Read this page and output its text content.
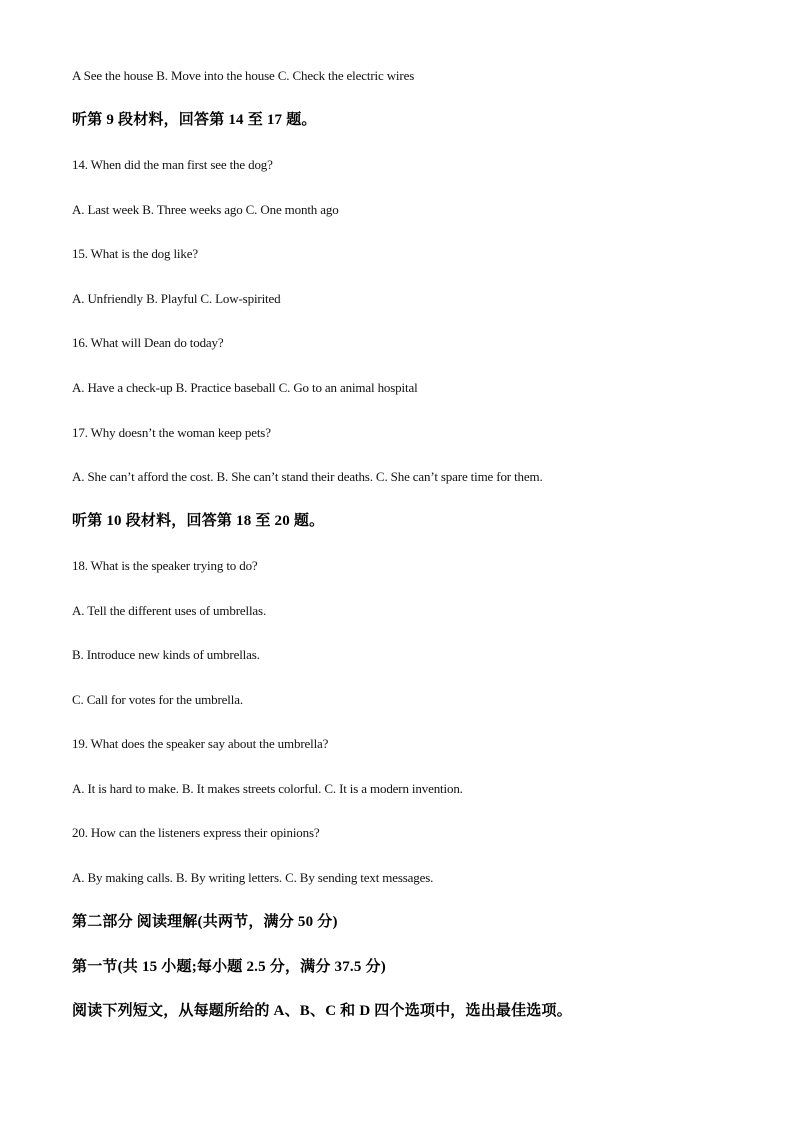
A See the house B. Move into the house C. Check the electric wires
听第 9 段材料，回答第 14 至 17 题。
14. When did the man first see the dog?
A. Last week B. Three weeks ago C. One month ago
15. What is the dog like?
A. Unfriendly B. Playful C. Low-spirited
16. What will Dean do today?
A. Have a check-up B. Practice baseball C. Go to an animal hospital
17. Why doesn’t the woman keep pets?
A. She can’t afford the cost. B. She can’t stand their deaths. C. She can’t spare time for them.
听第 10 段材料，回答第 18 至 20 题。
18. What is the speaker trying to do?
A. Tell the different uses of umbrellas.
B. Introduce new kinds of umbrellas.
C. Call for votes for the umbrella.
19. What does the speaker say about the umbrella?
A. It is hard to make. B. It makes streets colorful. C. It is a modern invention.
20. How can the listeners express their opinions?
A. By making calls. B. By writing letters. C. By sending text messages.
第二部分 阅读理解(共两节，满分 50 分)
第一节(共 15 小题;每小题 2.5 分，满分 37.5 分)
阅读下列短文，从每题所给的 A、B、C 和 D 四个选项中，选出最佳选项。
